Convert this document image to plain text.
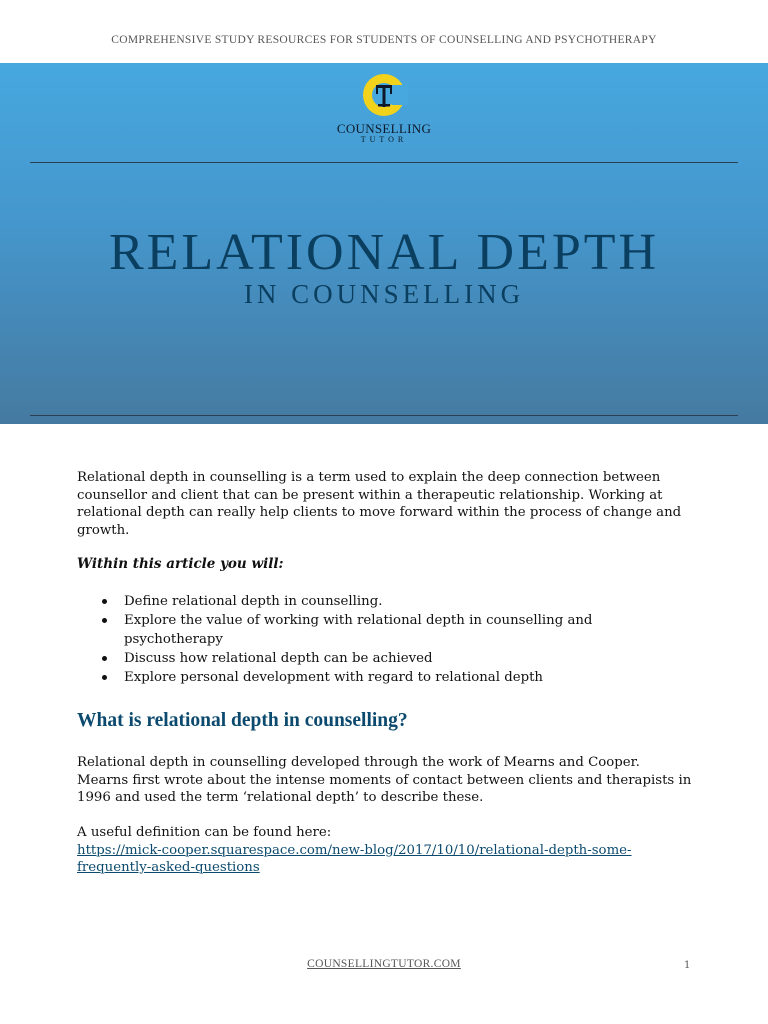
COMPREHENSIVE STUDY RESOURCES FOR STUDENTS OF COUNSELLING AND PSYCHOTHERAPY
COUNSELLING
TUTOR
RELATIONAL DEPTH
IN COUNSELLING

Relational depth in counselling is a term used to explain the deep connection between counsellor and client that can be present within a therapeutic relationship. Working at relational depth can really help clients to move forward within the process of change and growth.

Within this article you will:
Define relational depth in counselling.
Explore the value of working with relational depth in counselling and psychotherapy
Discuss how relational depth can be achieved
Explore personal development with regard to relational depth
What is relational depth in counselling?

Relational depth in counselling developed through the work of Mearns and Cooper. Mearns first wrote about the intense moments of contact between clients and therapists in 1996 and used the term ‘relational depth’ to describe these.

A useful definition can be found here:
https://mick-cooper.squarespace.com/new-blog/2017/10/10/relational-depth-some-frequently-asked-questions
COUNSELLINGTUTOR.COM	1
